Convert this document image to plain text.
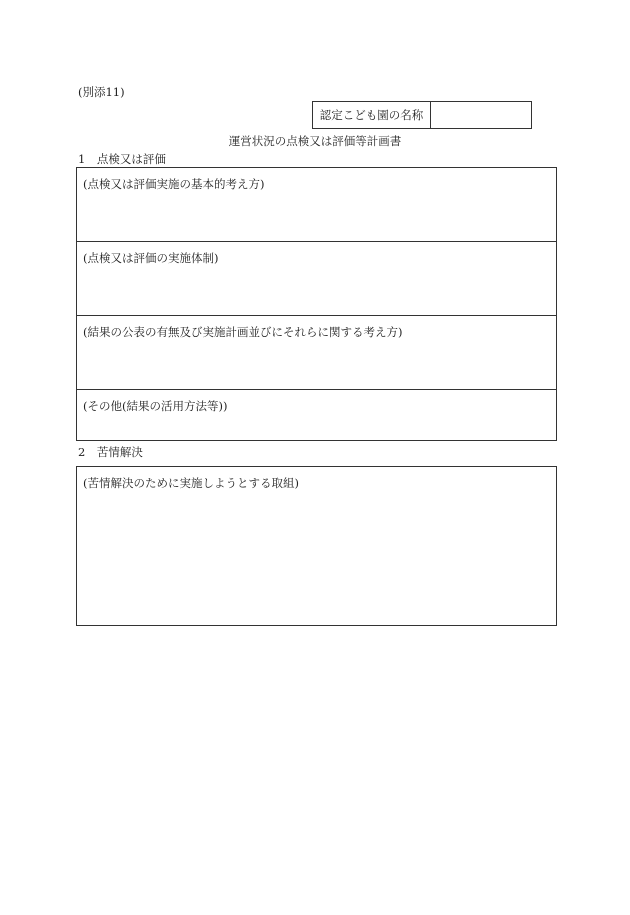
(別添11)
認定こども園の名称
運営状況の点検又は評価等計画書
1　点検又は評価
(点検又は評価実施の基本的考え方)
(点検又は評価の実施体制)
(結果の公表の有無及び実施計画並びにそれらに関する考え方)
(その他(結果の活用方法等))
2　苦情解決
(苦情解決のために実施しようとする取組)
